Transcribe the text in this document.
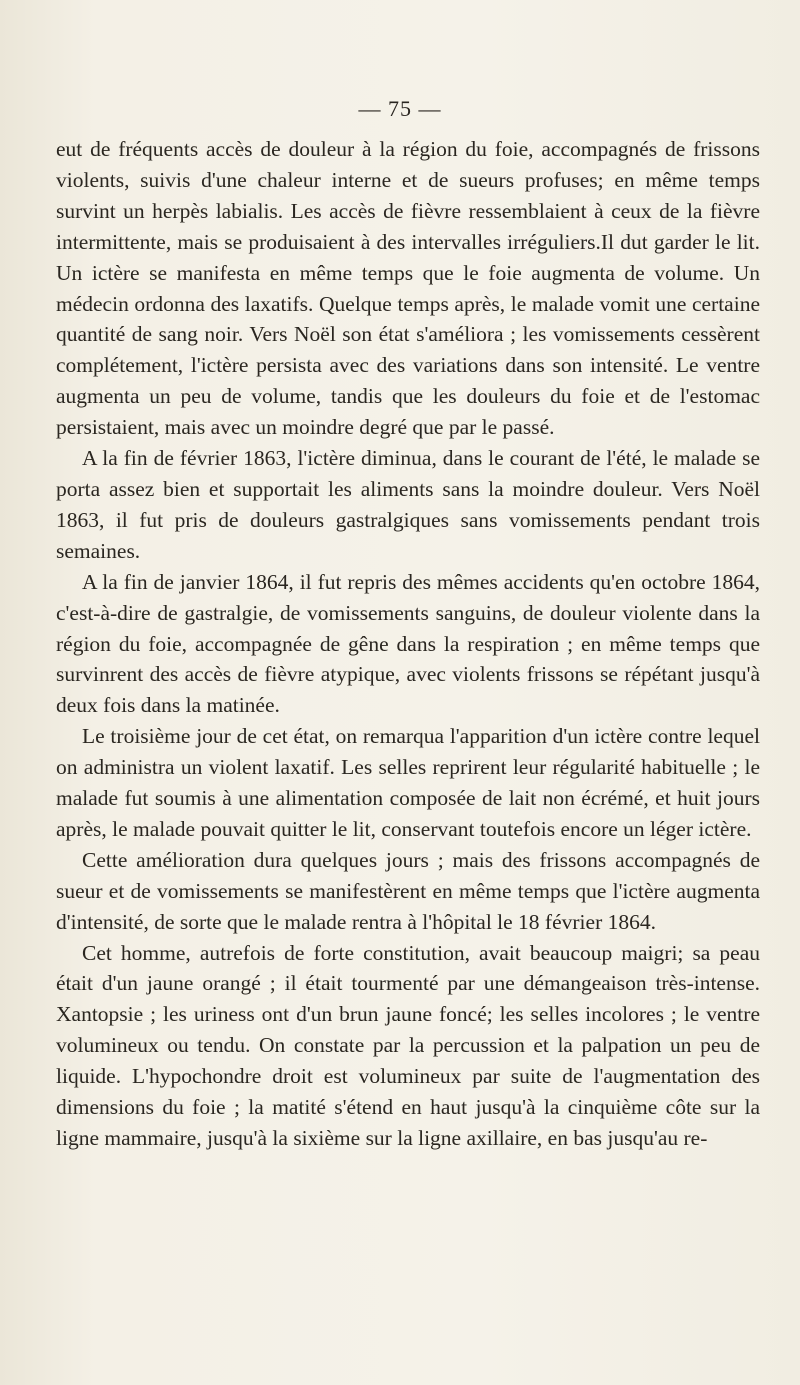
— 75 —

eut de fréquents accès de douleur à la région du foie, accompagnés de frissons violents, suivis d'une chaleur interne et de sueurs profuses; en même temps survint un herpès labialis. Les accès de fièvre ressemblaient à ceux de la fièvre intermittente, mais se produisaient à des intervalles irréguliers.Il dut garder le lit. Un ictère se manifesta en même temps que le foie augmenta de volume. Un médecin ordonna des laxatifs. Quelque temps après, le malade vomit une certaine quantité de sang noir. Vers Noël son état s'améliora ; les vomissements cessèrent complétement, l'ictère persista avec des variations dans son intensité. Le ventre augmenta un peu de volume, tandis que les douleurs du foie et de l'estomac persistaient, mais avec un moindre degré que par le passé.

A la fin de février 1863, l'ictère diminua, dans le courant de l'été, le malade se porta assez bien et supportait les aliments sans la moindre douleur. Vers Noël 1863, il fut pris de douleurs gastralgiques sans vomissements pendant trois semaines.

A la fin de janvier 1864, il fut repris des mêmes accidents qu'en octobre 1864, c'est-à-dire de gastralgie, de vomissements sanguins, de douleur violente dans la région du foie, accompagnée de gêne dans la respiration ; en même temps que survinrent des accès de fièvre atypique, avec violents frissons se répétant jusqu'à deux fois dans la matinée.

Le troisième jour de cet état, on remarqua l'apparition d'un ictère contre lequel on administra un violent laxatif. Les selles reprirent leur régularité habituelle ; le malade fut soumis à une alimentation composée de lait non écrémé, et huit jours après, le malade pouvait quitter le lit, conservant toutefois encore un léger ictère.

Cette amélioration dura quelques jours ; mais des frissons accompagnés de sueur et de vomissements se manifestèrent en même temps que l'ictère augmenta d'intensité, de sorte que le malade rentra à l'hôpital le 18 février 1864.

Cet homme, autrefois de forte constitution, avait beaucoup maigri; sa peau était d'un jaune orangé ; il était tourmenté par une démangeaison très-intense. Xantopsie ; les uriness ont d'un brun jaune foncé; les selles incolores ; le ventre volumineux ou tendu. On constate par la percussion et la palpation un peu de liquide. L'hypochondre droit est volumineux par suite de l'augmentation des dimensions du foie ; la matité s'étend en haut jusqu'à la cinquième côte sur la ligne mammaire, jusqu'à la sixième sur la ligne axillaire, en bas jusqu'au re-
